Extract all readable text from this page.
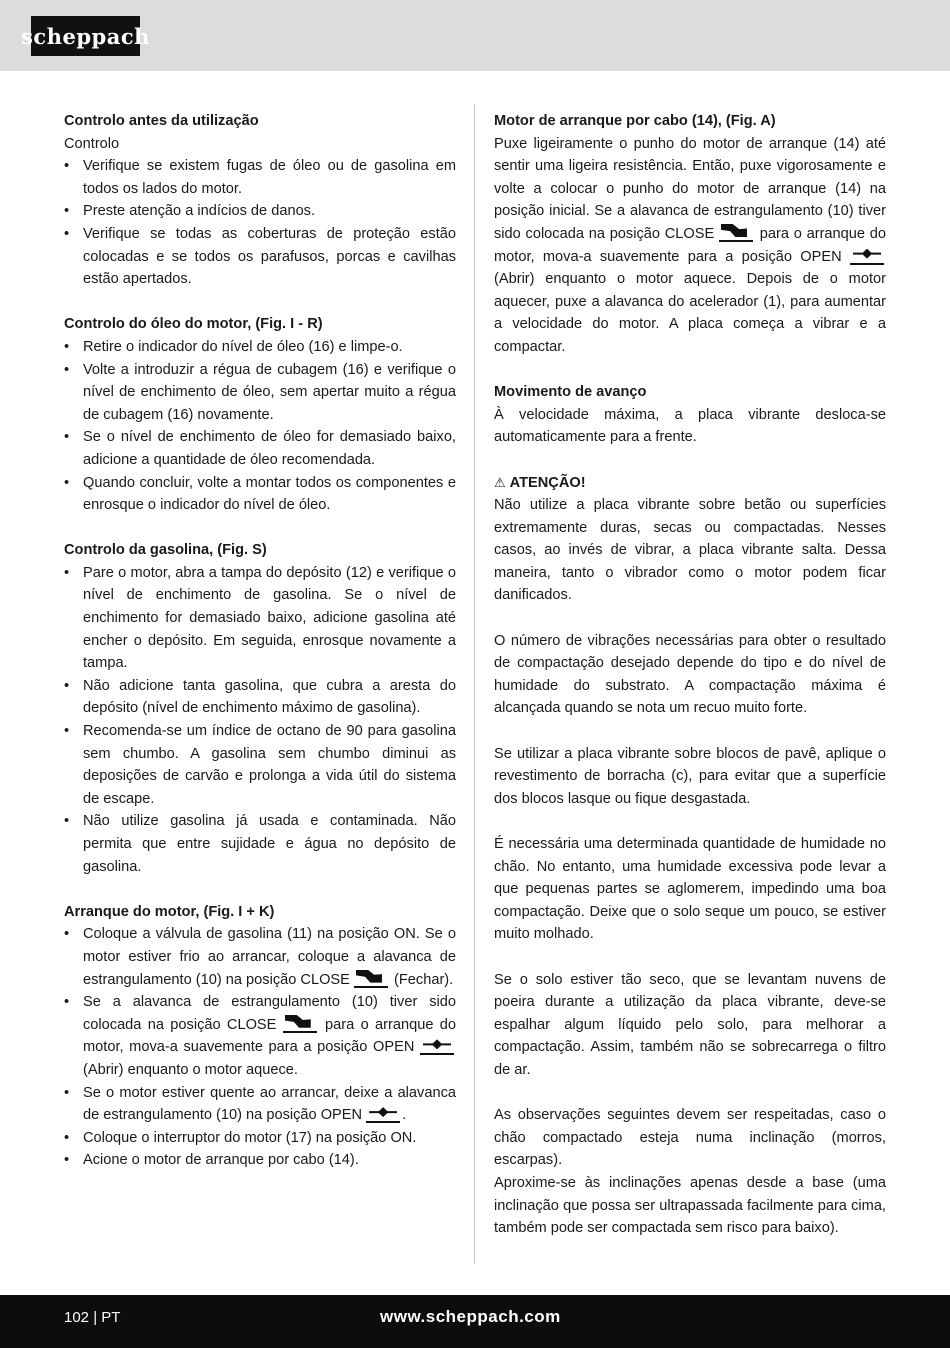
scheppach

Controlo antes da utilização

Controlo

• Verifique se existem fugas de óleo ou de gasolina em todos os lados do motor.
• Preste atenção a indícios de danos.
• Verifique se todas as coberturas de proteção estão colocadas e se todos os parafusos, porcas e cavilhas estão apertados.

Controlo do óleo do motor, (Fig. I - R)

• Retire o indicador do nível de óleo (16) e limpe-o.
• Volte a introduzir a régua de cubagem (16) e verifique o nível de enchimento de óleo, sem apertar muito a régua de cubagem (16) novamente.
• Se o nível de enchimento de óleo for demasiado baixo, adicione a quantidade de óleo recomendada.
• Quando concluir, volte a montar todos os componentes e enrosque o indicador do nível de óleo.

Controlo da gasolina, (Fig. S)

• Pare o motor, abra a tampa do depósito (12) e verifique o nível de enchimento de gasolina. Se o nível de enchimento for demasiado baixo, adicione gasolina até encher o depósito. Em seguida, enrosque novamente a tampa.
• Não adicione tanta gasolina, que cubra a aresta do depósito (nível de enchimento máximo de gasolina).
• Recomenda-se um índice de octano de 90 para gasolina sem chumbo. A gasolina sem chumbo diminui as deposições de carvão e prolonga a vida útil do sistema de escape.
• Não utilize gasolina já usada e contaminada. Não permita que entre sujidade e água no depósito de gasolina.

Arranque do motor, (Fig. I + K)

• Coloque a válvula de gasolina (11) na posição ON. Se o motor estiver frio ao arrancar, coloque a alavanca de estrangulamento (10) na posição CLOSE	(Fechar).
• Se a alavanca de estrangulamento (10) tiver sido colocada na posição CLOSE	para o arranque do motor, mova-a suavemente para a posição OPEN  (Abrir) enquanto o motor aquece.
• Se o motor estiver quente ao arrancar, deixe a alavanca de estrangulamento (10) na posição OPEN	.
• Coloque o interruptor do motor (17) na posição ON.
• Acione o motor de arranque por cabo (14).

Motor de arranque por cabo (14), (Fig. A)

Puxe ligeiramente o punho do motor de arranque (14) até sentir uma ligeira resistência. Então, puxe vigorosamente e volte a colocar o punho do motor de arranque (14) na posição inicial. Se a alavanca de estrangulamento (10) tiver sido colocada na posição CLOSE	para o arranque do motor, mova-a suavemente para a posição OPEN (Abrir) enquanto o motor aquece. Depois de o motor aquecer, puxe a alavanca do acelerador (1), para aumentar a velocidade do motor. A placa começa a vibrar e a compactar.

Movimento de avanço

À velocidade máxima, a placa vibrante desloca-se automaticamente para a frente.

⚠ ATENÇÃO!

Não utilize a placa vibrante sobre betão ou superfícies extremamente duras, secas ou compactadas. Nesses casos, ao invés de vibrar, a placa vibrante salta. Dessa maneira, tanto o vibrador como o motor podem ficar danificados.

O número de vibrações necessárias para obter o resultado de compactação desejado depende do tipo e do nível de humidade do substrato. A compactação máxima é alcançada quando se nota um recuo muito forte.

Se utilizar a placa vibrante sobre blocos de pavê, aplique o revestimento de borracha (c), para evitar que a superfície dos blocos lasque ou fique desgastada.

É necessária uma determinada quantidade de humidade no chão. No entanto, uma humidade excessiva pode levar a que pequenas partes se aglomerem, impedindo uma boa compactação. Deixe que o solo seque um pouco, se estiver muito molhado.

Se o solo estiver tão seco, que se levantam nuvens de poeira durante a utilização da placa vibrante, deve-se espalhar algum líquido pelo solo, para melhorar a compactação. Assim, também não se sobrecarrega o filtro de ar.

As observações seguintes devem ser respeitadas, caso o chão compactado esteja numa inclinação (morros, escarpas).

Aproxime-se às inclinações apenas desde a base (uma inclinação que possa ser ultrapassada facilmente para cima, também pode ser compactada sem risco para baixo).

102 | PT	www.scheppach.com
